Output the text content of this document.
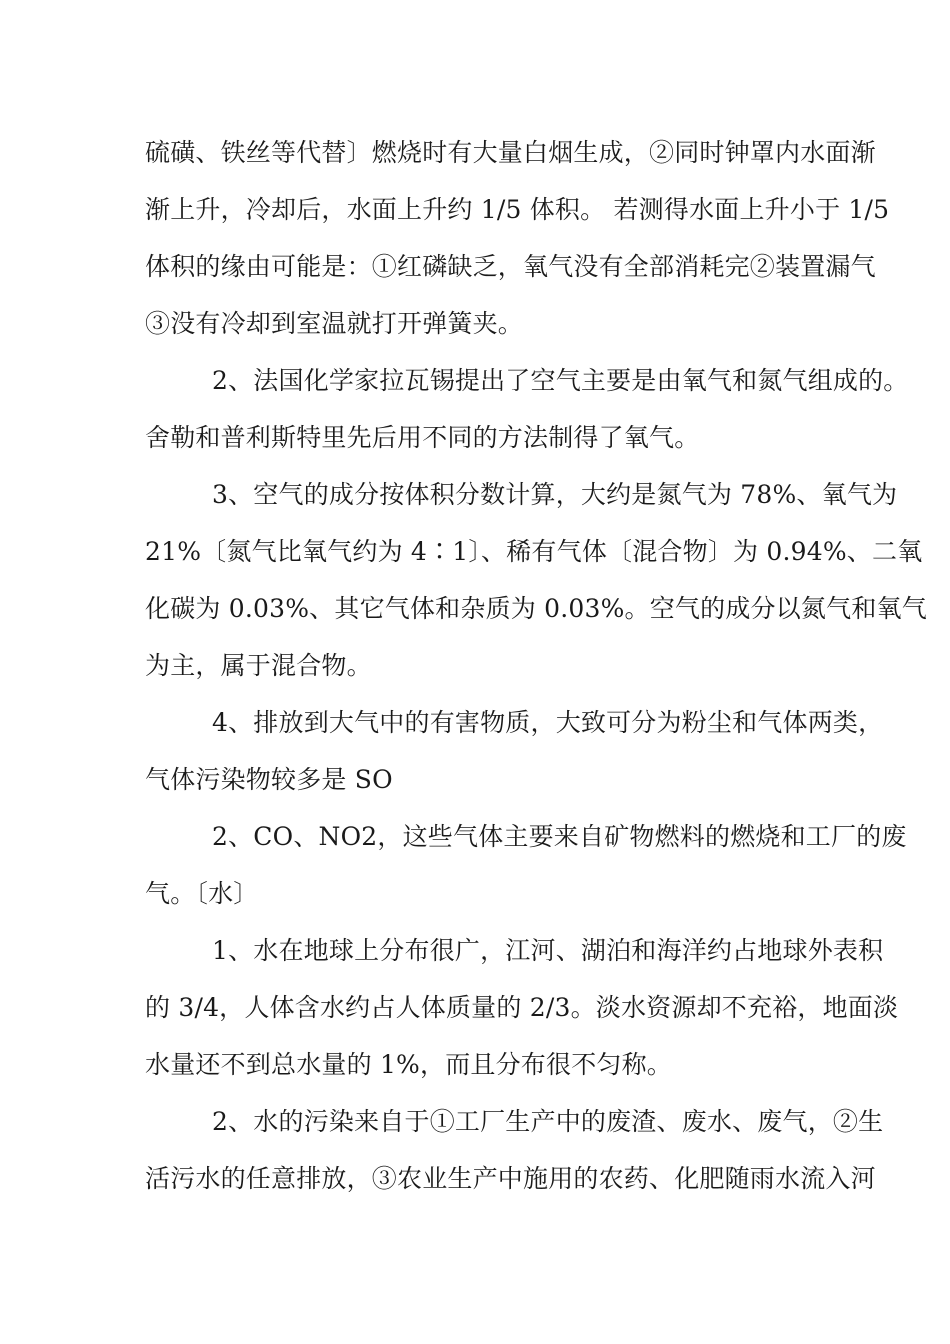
硫磺、铁丝等代替〕燃烧时有大量白烟生成，②同时钟罩内水面渐
渐上升，冷却后，水面上升约 1/5 体积。 若测得水面上升小于 1/5
体积的缘由可能是：①红磷缺乏，氧气没有全部消耗完②装置漏气
③没有冷却到室温就打开弹簧夹。
2、法国化学家拉瓦锡提出了空气主要是由氧气和氮气组成的。
舍勒和普利斯特里先后用不同的方法制得了氧气。
3、空气的成分按体积分数计算，大约是氮气为 78%、氧气为
21%〔氮气比氧气约为 4∶1〕、稀有气体〔混合物〕为 0.94%、二氧
化碳为 0.03%、其它气体和杂质为 0.03%。空气的成分以氮气和氧气
为主，属于混合物。
4、排放到大气中的有害物质，大致可分为粉尘和气体两类，
气体污染物较多是 SO
2、CO、NO2，这些气体主要来自矿物燃料的燃烧和工厂的废
气。〔水〕
1、水在地球上分布很广，江河、湖泊和海洋约占地球外表积
的 3/4，人体含水约占人体质量的 2/3。淡水资源却不充裕，地面淡
水量还不到总水量的 1%，而且分布很不匀称。
2、水的污染来自于①工厂生产中的废渣、废水、废气，②生
活污水的任意排放，③农业生产中施用的农药、化肥随雨水流入河
